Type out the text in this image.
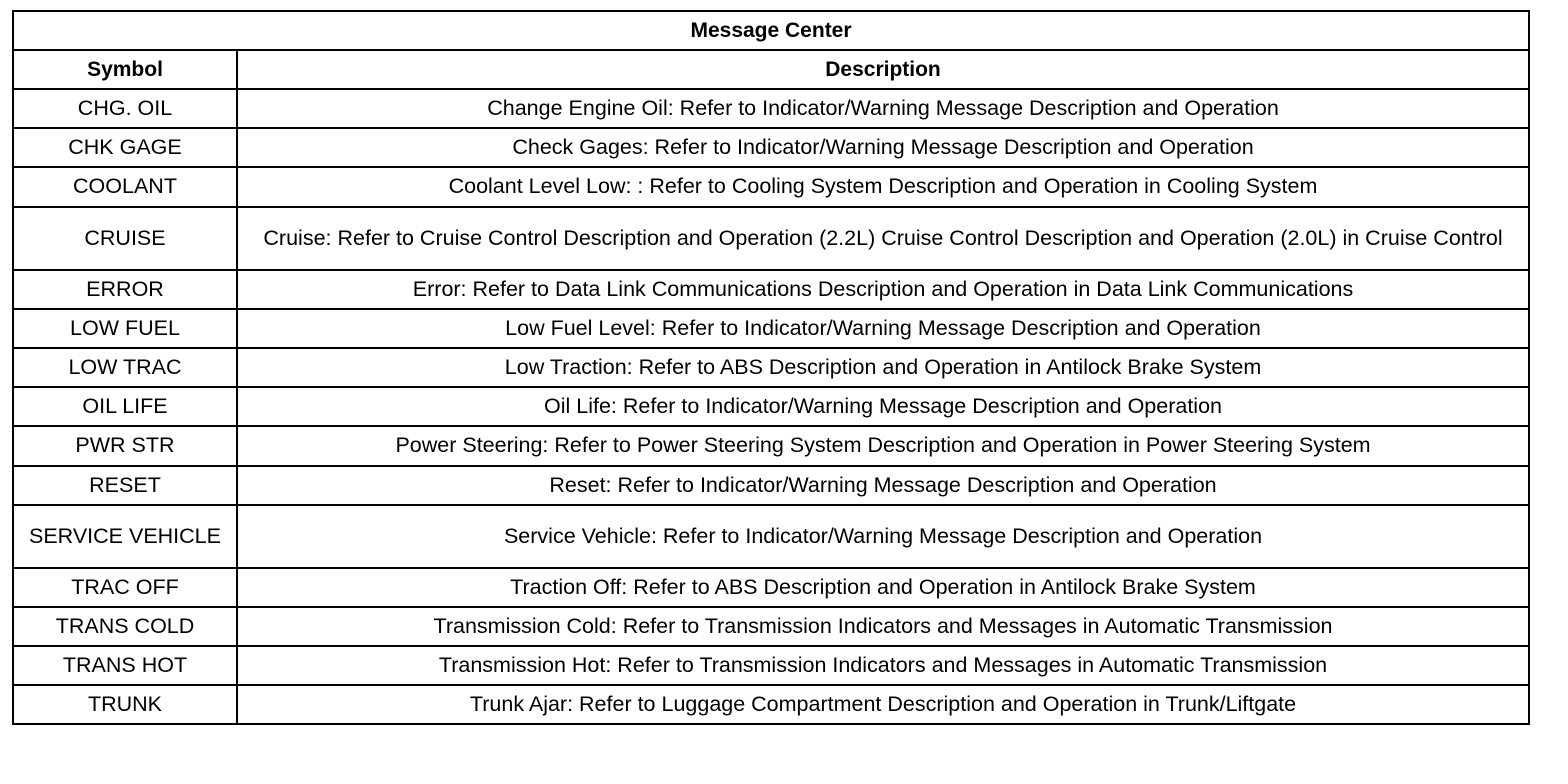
Message Center	
Symbol	Description
CHG. OIL	Change Engine Oil: Refer to Indicator/Warning Message Description and Operation
CHK GAGE	Check Gages: Refer to Indicator/Warning Message Description and Operation
COOLANT	Coolant Level Low: : Refer to Cooling System Description and Operation in Cooling System
CRUISE	Cruise: Refer to Cruise Control Description and Operation (2.2L) Cruise Control Description and Operation (2.0L) in Cruise Control
ERROR	Error: Refer to Data Link Communications Description and Operation in Data Link Communications
LOW FUEL	Low Fuel Level: Refer to Indicator/Warning Message Description and Operation
LOW TRAC	Low Traction: Refer to ABS Description and Operation in Antilock Brake System
OIL LIFE	Oil Life: Refer to Indicator/Warning Message Description and Operation
PWR STR	Power Steering: Refer to Power Steering System Description and Operation in Power Steering System
RESET	Reset: Refer to Indicator/Warning Message Description and Operation
SERVICE VEHICLE	Service Vehicle: Refer to Indicator/Warning Message Description and Operation
TRAC OFF	Traction Off: Refer to ABS Description and Operation in Antilock Brake System
TRANS COLD	Transmission Cold: Refer to Transmission Indicators and Messages in Automatic Transmission
TRANS HOT	Transmission Hot: Refer to Transmission Indicators and Messages in Automatic Transmission
TRUNK	Trunk Ajar: Refer to Luggage Compartment Description and Operation in Trunk/Liftgate
